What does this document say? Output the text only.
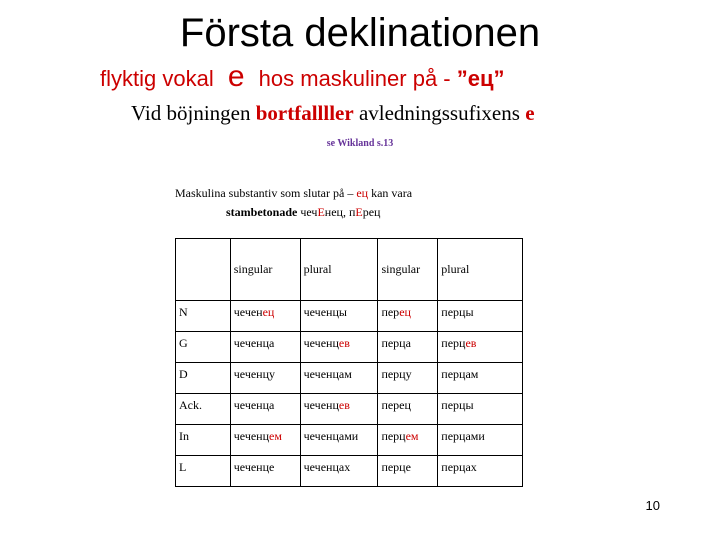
Första deklinationen
flyktig vokal е hos maskuliner på - ”ец”
Vid böjningen bortfallller avledningssufixens е
se Wikland s.13
Maskulina substantiv som slutar på – ец kan vara
stambetonade чечЕнец, пЕрец
	singular	plural	singular	plural
N	чеченец	чеченцы	перец	перцы
G	чеченца	чеченцев	перца	перцев
D	чеченцу	чеченцам	перцу	перцам
Ack.	чеченца	чеченцев	перец	перцы
In	чеченцем	чеченцами	перцем	перцами
L	чеченце	чеченцах	перце	перцах
10
